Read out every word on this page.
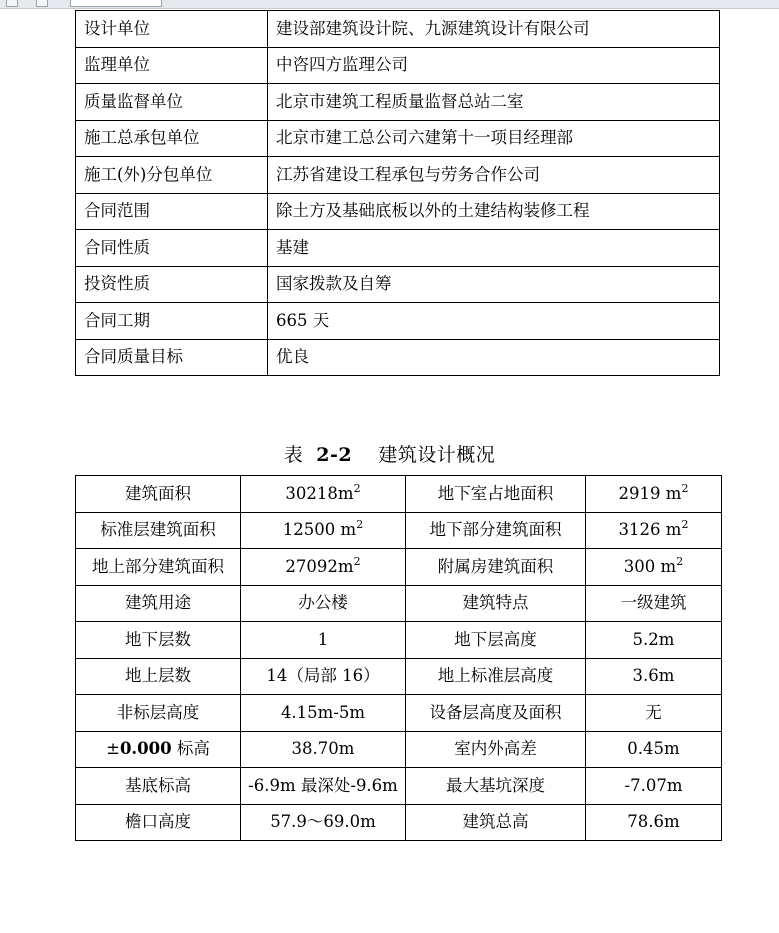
设计单位	建设部建筑设计院、九源建筑设计有限公司
监理单位	中咨四方监理公司
质量监督单位	北京市建筑工程质量监督总站二室
施工总承包单位	北京市建工总公司六建第十一项目经理部
施工(外)分包单位	江苏省建设工程承包与劳务合作公司
合同范围	除土方及基础底板以外的土建结构装修工程
合同性质	基建
投资性质	国家拨款及自筹
合同工期	665 天
合同质量目标	优良
表 2-2 建筑设计概况
建筑面积	$30218m^2$	地下室占地面积	2919 $m^2$
标准层建筑面积	12500 $m^2$	地下部分建筑面积	3126 $m^2$
地上部分建筑面积	$27092m^2$	附属房建筑面积	300 $m^2$
建筑用途	办公楼	建筑特点	一级建筑
地下层数	1	地下层高度	5.2m
地上层数	14（局部 16）	地上标准层高度	3.6m
非标层高度	4.15m-5m	设备层高度及面积	无
±0.000 标高	38.70m	室内外高差	0.45m
基底标高	-6.9m 最深处-9.6m	最大基坑深度	-7.07m
檐口高度	57.9～69.0m	建筑总高	78.6m
